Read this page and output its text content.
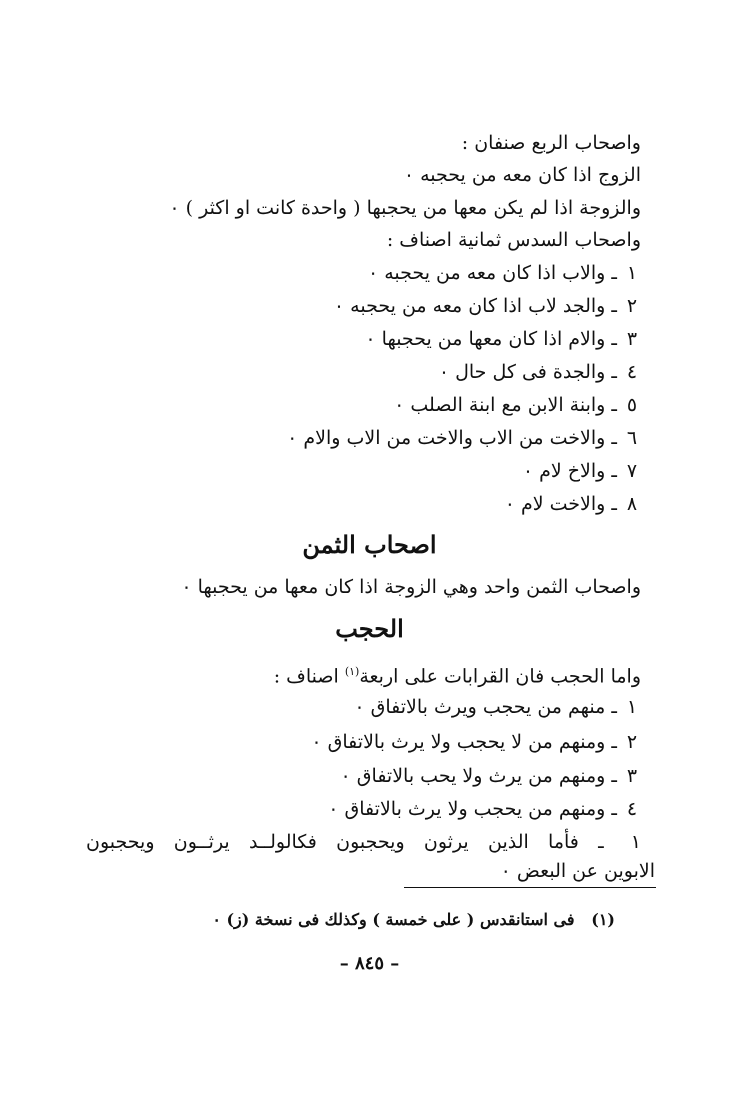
واصحاب الربع صنفان :
الزوج اذا كان معه من يحجبه ٠
والزوجة اذا لم يكن معها من يحجبها ( واحدة كانت او اكثر ) ٠
واصحاب السدس ثمانية اصناف :
١ ـ والاب اذا كان معه من يحجبه ٠
٢ ـ والجد لاب اذا كان معه من يحجبه ٠
٣ ـ والام اذا كان معها من يحجبها ٠
٤ ـ والجدة فى كل حال ٠
٥ ـ وابنة الابن مع ابنة الصلب ٠
٦ ـ والاخت من الاب والاخت من الاب والام ٠
٧ ـ والاخ لام ٠
٨ ـ والاخت لام ٠
اصحاب الثمن
واصحاب الثمن واحد وهي الزوجة اذا كان معها من يحجبها ٠
الحجب
واما الحجب فان القرابات على اربعة$^{(١)}$ اصناف :
١ ـ منهم من يحجب ويرث بالاتفاق ٠
٢ ـ ومنهم من لا يحجب ولا يرث بالاتفاق ٠
٣ ـ ومنهم من يرث ولا يحب بالاتفاق ٠
٤ ـ ومنهم من يحجب ولا يرث بالاتفاق ٠
١ ـ فأما الذين يرثون ويحجبون فكالولــد يرثــون ويحجبون
الابوين عن البعض ٠
(١)   فى استانقدس ( على خمسة ) وكذلك فى نسخة (ز) ٠
– ٨٤٥ –
